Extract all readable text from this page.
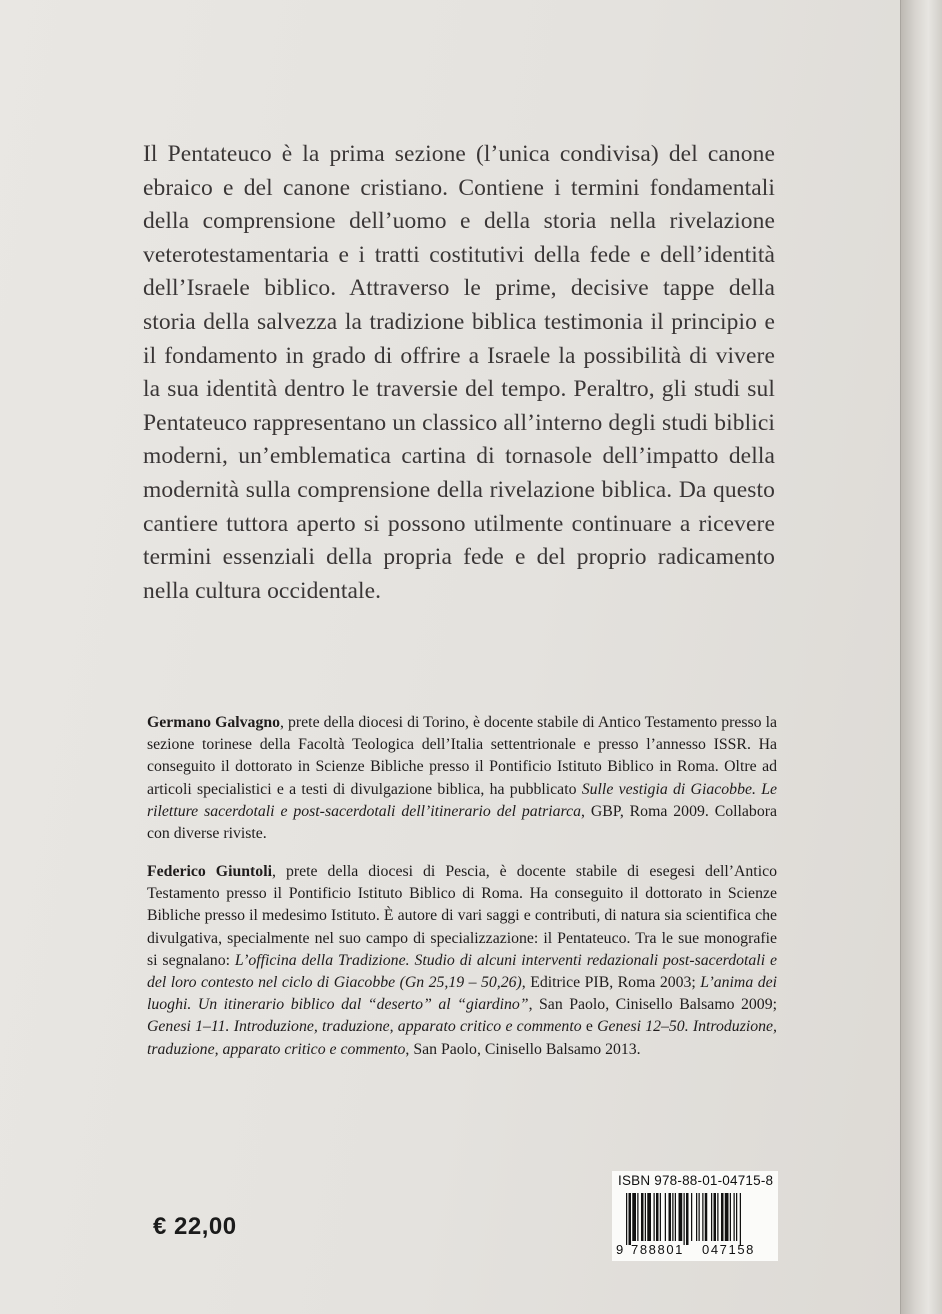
Il Pentateuco è la prima sezione (l’unica condivisa) del canone ebraico e del canone cristiano. Contiene i termini fondamentali della comprensione dell’uomo e della storia nella rivelazione veterotestamentaria e i tratti costitutivi della fede e dell’identità dell’Israele biblico. Attraverso le prime, decisive tappe della storia della salvezza la tradizione biblica testimonia il principio e il fondamento in grado di offrire a Israele la possibilità di vivere la sua identità dentro le traversie del tempo. Peraltro, gli studi sul Pentateuco rappresentano un classico all’interno degli studi biblici moderni, un’emblematica cartina di tornasole dell’impatto della modernità sulla comprensione della rivelazione biblica. Da questo cantiere tuttora aperto si possono utilmente continuare a ricevere termini essenziali della propria fede e del proprio radicamento nella cultura occidentale.

Germano Galvagno, prete della diocesi di Torino, è docente stabile di Antico Testamento presso la sezione torinese della Facoltà Teologica dell’Italia settentrionale e presso l’annesso ISSR. Ha conseguito il dottorato in Scienze Bibliche presso il Pontificio Istituto Biblico in Roma. Oltre ad articoli specialistici e a testi di divulgazione biblica, ha pubblicato Sulle vestigia di Giacobbe. Le riletture sacerdotali e post-sacerdotali dell’itinerario del patriarca, GBP, Roma 2009. Collabora con diverse riviste.

Federico Giuntoli, prete della diocesi di Pescia, è docente stabile di esegesi dell’Antico Testamento presso il Pontificio Istituto Biblico di Roma. Ha conseguito il dottorato in Scienze Bibliche presso il medesimo Istituto. È autore di vari saggi e contributi, di natura sia scientifica che divulgativa, specialmente nel suo campo di specializzazione: il Pentateuco. Tra le sue monografie si segnalano: L’officina della Tradizione. Studio di alcuni interventi redazionali post-sacerdotali e del loro contesto nel ciclo di Giacobbe (Gn 25,19 – 50,26), Editrice PIB, Roma 2003; L’anima dei luoghi. Un itinerario biblico dal “deserto” al “giardino”, San Paolo, Cinisello Balsamo 2009; Genesi 1–11. Introduzione, traduzione, apparato critico e commento e Genesi 12–50. Introduzione, traduzione, apparato critico e commento, San Paolo, Cinisello Balsamo 2013.

€ 22,00

ISBN 978-88-01-04715-8

9 788801 047158
